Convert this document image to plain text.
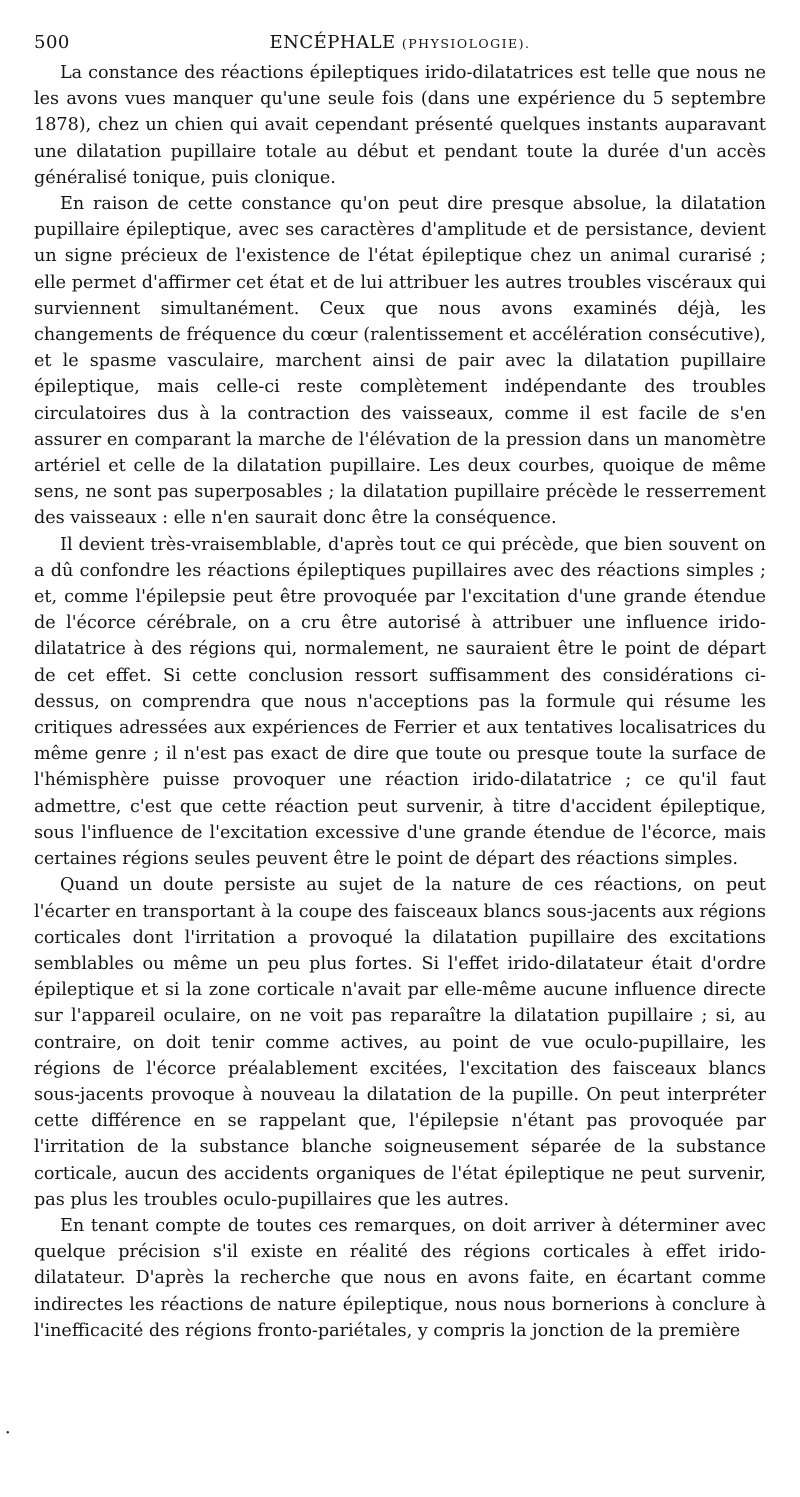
500	ENCÉPHALE (PHYSIOLOGIE).

La constance des réactions épileptiques irido-dilatatrices est telle que nous ne les avons vues manquer qu'une seule fois (dans une expérience du 5 septembre 1878), chez un chien qui avait cependant présenté quelques instants auparavant une dilatation pupillaire totale au début et pendant toute la durée d'un accès généralisé tonique, puis clonique.

En raison de cette constance qu'on peut dire presque absolue, la dilatation pupillaire épileptique, avec ses caractères d'amplitude et de persistance, devient un signe précieux de l'existence de l'état épileptique chez un animal curarisé ; elle permet d'affirmer cet état et de lui attribuer les autres troubles viscéraux qui surviennent simultanément. Ceux que nous avons examinés déjà, les changements de fréquence du cœur (ralentissement et accélération consécutive), et le spasme vasculaire, marchent ainsi de pair avec la dilatation pupillaire épileptique, mais celle-ci reste complètement indépendante des troubles circulatoires dus à la contraction des vaisseaux, comme il est facile de s'en assurer en comparant la marche de l'élévation de la pression dans un manomètre artériel et celle de la dilatation pupillaire. Les deux courbes, quoique de même sens, ne sont pas superposables ; la dilatation pupillaire précède le resserrement des vaisseaux : elle n'en saurait donc être la conséquence.

Il devient très-vraisemblable, d'après tout ce qui précède, que bien souvent on a dû confondre les réactions épileptiques pupillaires avec des réactions simples ; et, comme l'épilepsie peut être provoquée par l'excitation d'une grande étendue de l'écorce cérébrale, on a cru être autorisé à attribuer une influence irido-dilatatrice à des régions qui, normalement, ne sauraient être le point de départ de cet effet. Si cette conclusion ressort suffisamment des considérations ci-dessus, on comprendra que nous n'acceptions pas la formule qui résume les critiques adressées aux expériences de Ferrier et aux tentatives localisatrices du même genre ; il n'est pas exact de dire que toute ou presque toute la surface de l'hémisphère puisse provoquer une réaction irido-dilatatrice ; ce qu'il faut admettre, c'est que cette réaction peut survenir, à titre d'accident épileptique, sous l'influence de l'excitation excessive d'une grande étendue de l'écorce, mais certaines régions seules peuvent être le point de départ des réactions simples.

Quand un doute persiste au sujet de la nature de ces réactions, on peut l'écarter en transportant à la coupe des faisceaux blancs sous-jacents aux régions corticales dont l'irritation a provoqué la dilatation pupillaire des excitations semblables ou même un peu plus fortes. Si l'effet irido-dilatateur était d'ordre épileptique et si la zone corticale n'avait par elle-même aucune influence directe sur l'appareil oculaire, on ne voit pas reparaître la dilatation pupillaire ; si, au contraire, on doit tenir comme actives, au point de vue oculo-pupillaire, les régions de l'écorce préalablement excitées, l'excitation des faisceaux blancs sous-jacents provoque à nouveau la dilatation de la pupille. On peut interpréter cette différence en se rappelant que, l'épilepsie n'étant pas provoquée par l'irritation de la substance blanche soigneusement séparée de la substance corticale, aucun des accidents organiques de l'état épileptique ne peut survenir, pas plus les troubles oculo-pupillaires que les autres.

En tenant compte de toutes ces remarques, on doit arriver à déterminer avec quelque précision s'il existe en réalité des régions corticales à effet irido-dilatateur. D'après la recherche que nous en avons faite, en écartant comme indirectes les réactions de nature épileptique, nous nous bornerions à conclure à l'inefficacité des régions fronto-pariétales, y compris la jonction de la première

•
